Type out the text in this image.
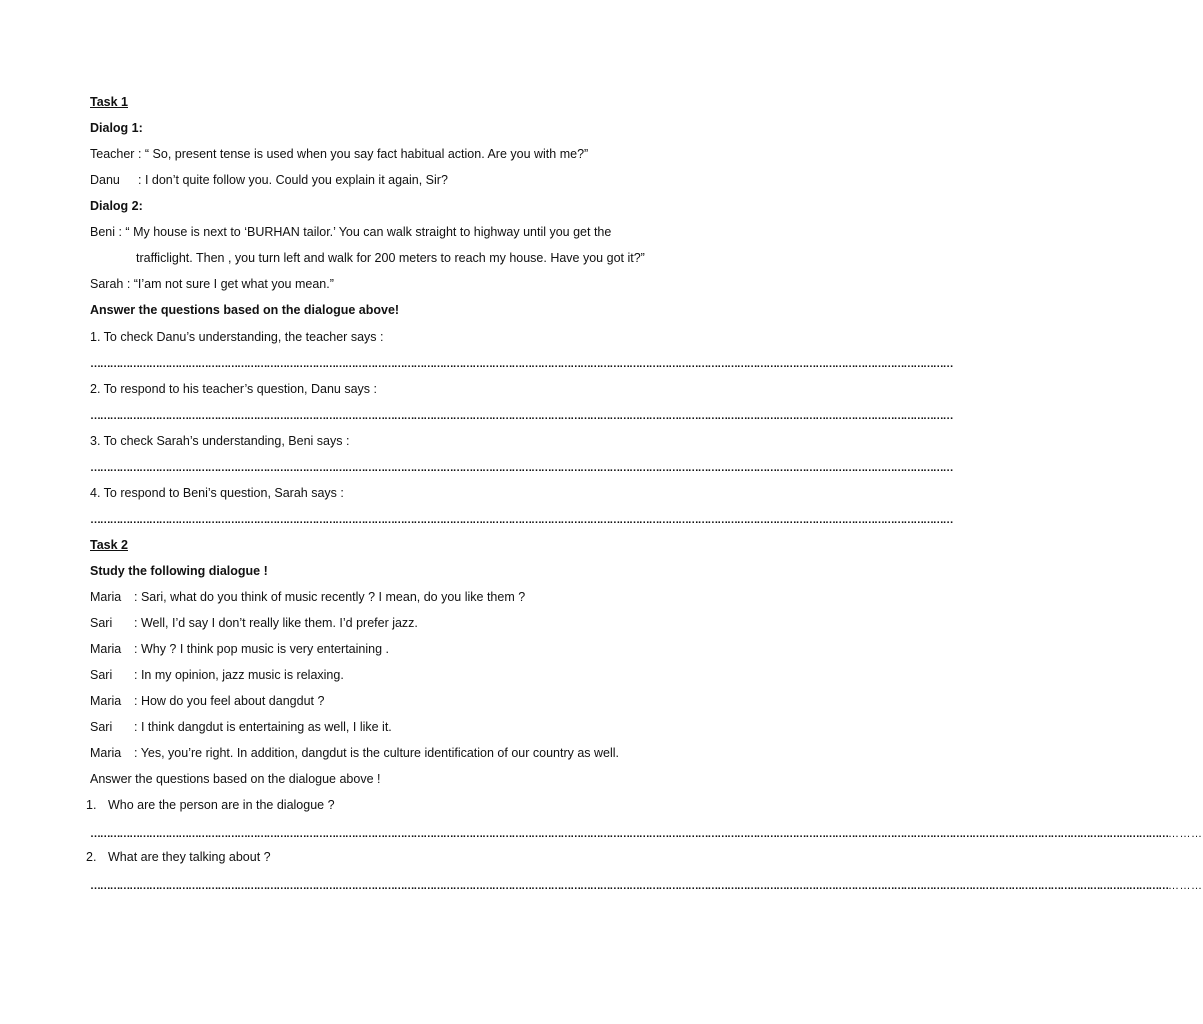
Task 1
Dialog 1:
Teacher : “ So, present tense is used when you say fact habitual action. Are you with me?”
Danu : I don’t quite follow you. Could you explain it again, Sir?
Dialog 2:
Beni : “ My house is next to ‘BURHAN tailor.’ You can walk straight to highway until you get the
trafficlight. Then , you turn left and walk for 200 meters to reach my house. Have you got it?”
Sarah : “I’am not sure I get what you mean.”
Answer the questions based on the dialogue above!
1. To check Danu’s understanding, the teacher says :
…………………………………………………………………………………………………………………………………………………………………………………………………………………………………………
2. To respond to his teacher’s question, Danu says :
…………………………………………………………………………………………………………………………………………………………………………………………………………………………………………
3. To check Sarah’s understanding, Beni says :
…………………………………………………………………………………………………………………………………………………………………………………………………………………………………………
4. To respond to Beni’s question, Sarah says :
…………………………………………………………………………………………………………………………………………………………………………………………………………………………………………
Task 2
Study the following dialogue !
Maria : Sari, what do you think of music recently ? I mean, do you like them ?
Sari : Well, I’d say I don’t really like them. I’d prefer jazz.
Maria : Why ? I think pop music is very entertaining .
Sari : In my opinion, jazz music is relaxing.
Maria : How do you feel about dangdut ?
Sari : I think dangdut is entertaining as well, I like it.
Maria : Yes, you’re right. In addition, dangdut is the culture identification of our country as well.
Answer the questions based on the dialogue above !
1. Who are the person are in the dialogue ?
……………………………………………………………………………………………………………………………………………………………………………………………………………………………………………………………………………………………………………
2. What are they talking about ?
……………………………………………………………………………………………………………………………………………………………………………………………………………………………………………………………………………………………………………
